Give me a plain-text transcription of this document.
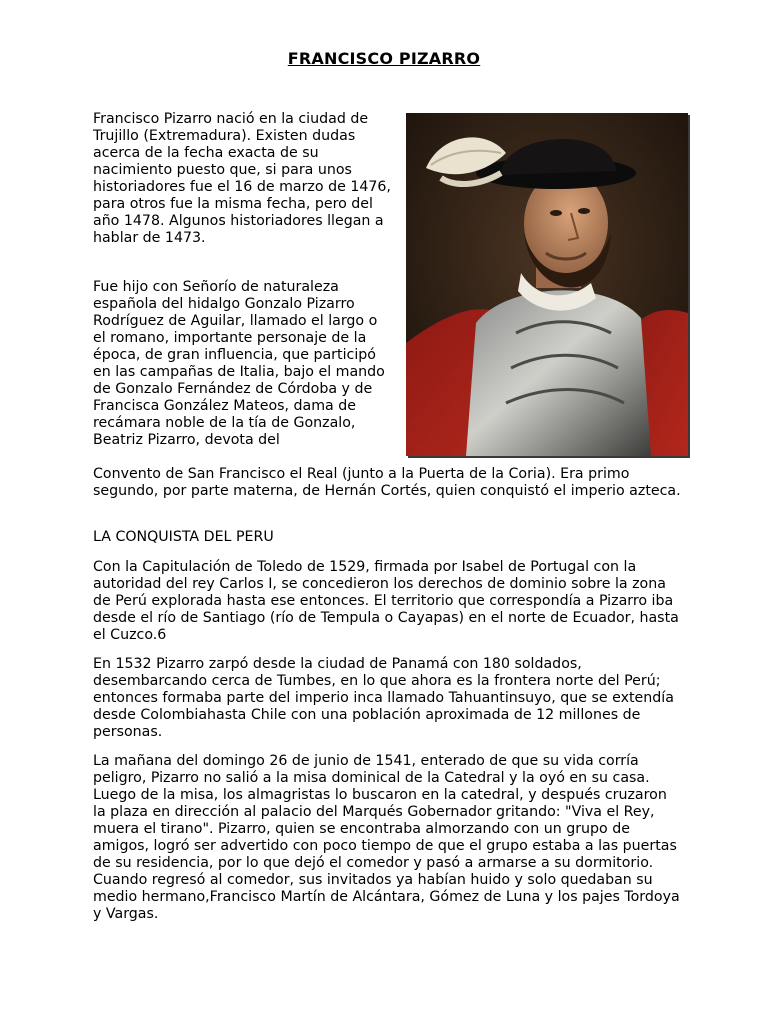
FRANCISCO PIZARRO

Francisco Pizarro nació en la ciudad de Trujillo (Extremadura). Existen dudas acerca de la fecha exacta de su nacimiento puesto que, si para unos historiadores fue el 16 de marzo de 1476, para otros fue la misma fecha, pero del año 1478. Algunos historiadores llegan a hablar de 1473.

Fue hijo con Señorío de naturaleza española del hidalgo Gonzalo Pizarro Rodríguez de Aguilar, llamado el largo o el romano, importante personaje de la época, de gran influencia, que participó en las campañas de Italia, bajo el mando de Gonzalo Fernández de Córdoba y de Francisca González Mateos, dama de recámara noble de la tía de Gonzalo, Beatriz Pizarro, devota del

Convento de San Francisco el Real (junto a la Puerta de la Coria). Era primo segundo, por parte materna, de Hernán Cortés, quien conquistó el imperio azteca.

LA CONQUISTA DEL PERU

Con la Capitulación de Toledo de 1529, firmada por Isabel de Portugal con la autoridad del rey Carlos I, se concedieron los derechos de dominio sobre la zona de Perú explorada hasta ese entonces. El territorio que correspondía a Pizarro iba desde el río de Santiago (río de Tempula o Cayapas) en el norte de Ecuador, hasta el Cuzco.6

En 1532 Pizarro zarpó desde la ciudad de Panamá con 180 soldados, desembarcando cerca de Tumbes, en lo que ahora es la frontera norte del Perú; entonces formaba parte del imperio inca llamado Tahuantinsuyo, que se extendía desde Colombiahasta Chile con una población aproximada de 12 millones de personas.

La mañana del domingo 26 de junio de 1541, enterado de que su vida corría peligro, Pizarro no salió a la misa dominical de la Catedral y la oyó en su casa. Luego de la misa, los almagristas lo buscaron en la catedral, y después cruzaron la plaza en dirección al palacio del Marqués Gobernador gritando: "Viva el Rey, muera el tirano". Pizarro, quien se encontraba almorzando con un grupo de amigos, logró ser advertido con poco tiempo de que el grupo estaba a las puertas de su residencia, por lo que dejó el comedor y pasó a armarse a su dormitorio. Cuando regresó al comedor, sus invitados ya habían huido y solo quedaban su medio hermano,Francisco Martín de Alcántara, Gómez de Luna y los pajes Tordoya y Vargas.
